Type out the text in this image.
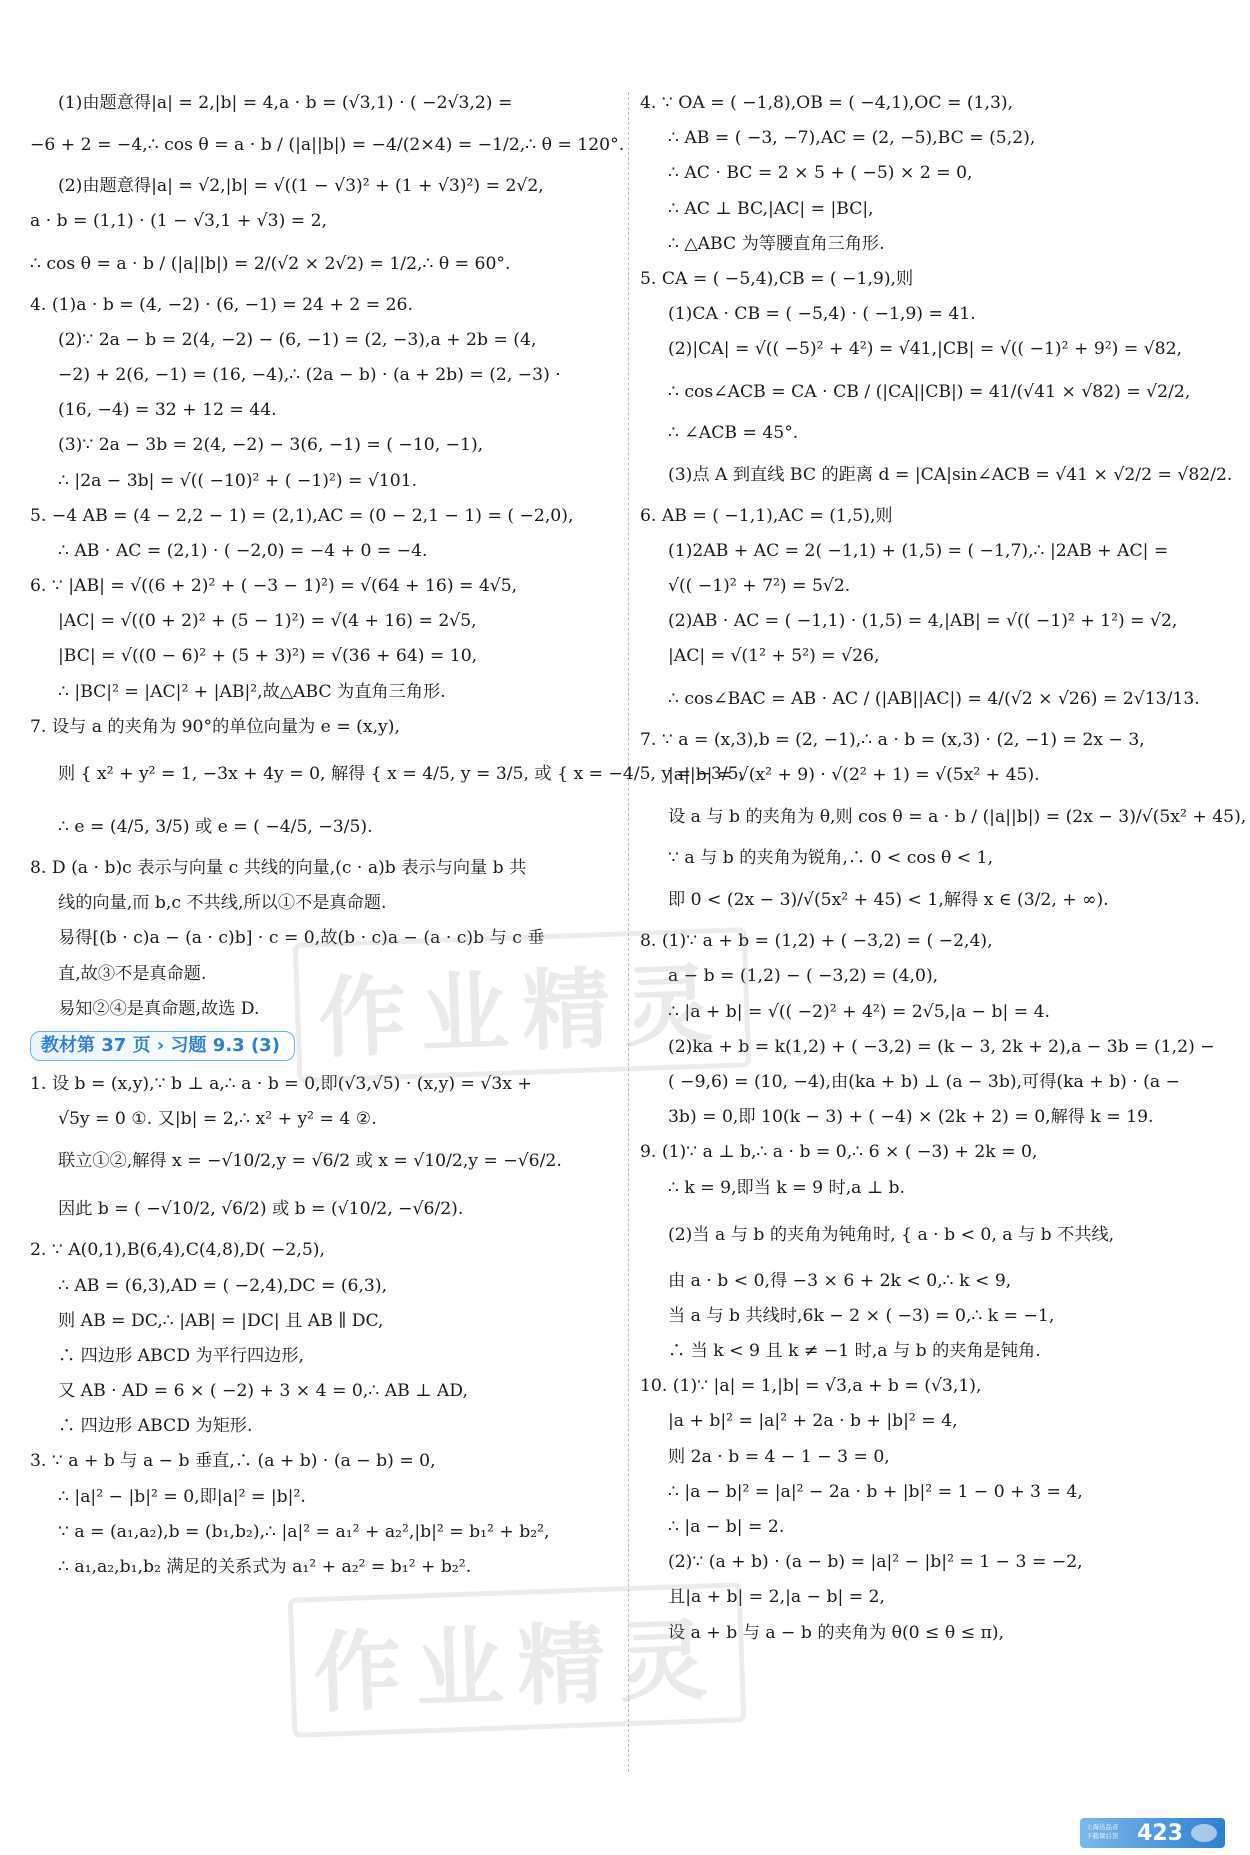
(1)由题意得|a| = 2,|b| = 4,a · b = (√3,1) · ( −2√3,2) =
−6 + 2 = −4,∴ cos θ = a · b / (|a||b|) = −4/(2×4) = −1/2,∴ θ = 120°.
(2)由题意得|a| = √2,|b| = √((1 − √3)² + (1 + √3)²) = 2√2,
a · b = (1,1) · (1 − √3,1 + √3) = 2,
∴ cos θ = a · b / (|a||b|) = 2/(√2 × 2√2) = 1/2,∴ θ = 60°.
4. (1)a · b = (4, −2) · (6, −1) = 24 + 2 = 26.
(2)∵ 2a − b = 2(4, −2) − (6, −1) = (2, −3),a + 2b = (4,
−2) + 2(6, −1) = (16, −4),∴ (2a − b) · (a + 2b) = (2, −3) ·
(16, −4) = 32 + 12 = 44.
(3)∵ 2a − 3b = 2(4, −2) − 3(6, −1) = ( −10, −1),
∴ |2a − 3b| = √(( −10)² + ( −1)²) = √101.
5. −4 AB = (4 − 2,2 − 1) = (2,1),AC = (0 − 2,1 − 1) = ( −2,0),
∴ AB · AC = (2,1) · ( −2,0) = −4 + 0 = −4.
6. ∵ |AB| = √((6 + 2)² + ( −3 − 1)²) = √(64 + 16) = 4√5,
|AC| = √((0 + 2)² + (5 − 1)²) = √(4 + 16) = 2√5,
|BC| = √((0 − 6)² + (5 + 3)²) = √(36 + 64) = 10,
∴ |BC|² = |AC|² + |AB|²,故△ABC 为直角三角形.
7. 设与 a 的夹角为 90°的单位向量为 e = (x,y),
则 { x² + y² = 1, −3x + 4y = 0, 解得 { x = 4/5, y = 3/5, 或 { x = −4/5, y = −3/5,
∴ e = (4/5, 3/5) 或 e = ( −4/5, −3/5).
8. D (a · b)c 表示与向量 c 共线的向量,(c · a)b 表示与向量 b 共
线的向量,而 b,c 不共线,所以①不是真命题.
易得[(b · c)a − (a · c)b] · c = 0,故(b · c)a − (a · c)b 与 c 垂
直,故③不是真命题.
易知②④是真命题,故选 D.
教材第 37 页 › 习题 9.3 (3)
1. 设 b = (x,y),∵ b ⊥ a,∴ a · b = 0,即(√3,√5) · (x,y) = √3x +
√5y = 0 ①. 又|b| = 2,∴ x² + y² = 4 ②.
联立①②,解得 x = −√10/2,y = √6/2 或 x = √10/2,y = −√6/2.
因此 b = ( −√10/2, √6/2) 或 b = (√10/2, −√6/2).
2. ∵ A(0,1),B(6,4),C(4,8),D( −2,5),
∴ AB = (6,3),AD = ( −2,4),DC = (6,3),
则 AB = DC,∴ |AB| = |DC| 且 AB ∥ DC,
∴ 四边形 ABCD 为平行四边形,
又 AB · AD = 6 × ( −2) + 3 × 4 = 0,∴ AB ⊥ AD,
∴ 四边形 ABCD 为矩形.
3. ∵ a + b 与 a − b 垂直,∴ (a + b) · (a − b) = 0,
∴ |a|² − |b|² = 0,即|a|² = |b|².
∵ a = (a₁,a₂),b = (b₁,b₂),∴ |a|² = a₁² + a₂²,|b|² = b₁² + b₂²,
∴ a₁,a₂,b₁,b₂ 满足的关系式为 a₁² + a₂² = b₁² + b₂².
4. ∵ OA = ( −1,8),OB = ( −4,1),OC = (1,3),
∴ AB = ( −3, −7),AC = (2, −5),BC = (5,2),
∴ AC · BC = 2 × 5 + ( −5) × 2 = 0,
∴ AC ⊥ BC,|AC| = |BC|,
∴ △ABC 为等腰直角三角形.
5. CA = ( −5,4),CB = ( −1,9),则
(1)CA · CB = ( −5,4) · ( −1,9) = 41.
(2)|CA| = √(( −5)² + 4²) = √41,|CB| = √(( −1)² + 9²) = √82,
∴ cos∠ACB = CA · CB / (|CA||CB|) = 41/(√41 × √82) = √2/2,
∴ ∠ACB = 45°.
(3)点 A 到直线 BC 的距离 d = |CA|sin∠ACB = √41 × √2/2 = √82/2.
6. AB = ( −1,1),AC = (1,5),则
(1)2AB + AC = 2( −1,1) + (1,5) = ( −1,7),∴ |2AB + AC| =
√(( −1)² + 7²) = 5√2.
(2)AB · AC = ( −1,1) · (1,5) = 4,|AB| = √(( −1)² + 1²) = √2,
|AC| = √(1² + 5²) = √26,
∴ cos∠BAC = AB · AC / (|AB||AC|) = 4/(√2 × √26) = 2√13/13.
7. ∵ a = (x,3),b = (2, −1),∴ a · b = (x,3) · (2, −1) = 2x − 3,
|a||b| = √(x² + 9) · √(2² + 1) = √(5x² + 45).
设 a 与 b 的夹角为 θ,则 cos θ = a · b / (|a||b|) = (2x − 3)/√(5x² + 45),
∵ a 与 b 的夹角为锐角,∴ 0 < cos θ < 1,
即 0 < (2x − 3)/√(5x² + 45) < 1,解得 x ∈ (3/2, + ∞).
8. (1)∵ a + b = (1,2) + ( −3,2) = ( −2,4),
a − b = (1,2) − ( −3,2) = (4,0),
∴ |a + b| = √(( −2)² + 4²) = 2√5,|a − b| = 4.
(2)ka + b = k(1,2) + ( −3,2) = (k − 3, 2k + 2),a − 3b = (1,2) −
( −9,6) = (10, −4),由(ka + b) ⊥ (a − 3b),可得(ka + b) · (a −
3b) = 0,即 10(k − 3) + ( −4) × (2k + 2) = 0,解得 k = 19.
9. (1)∵ a ⊥ b,∴ a · b = 0,∴ 6 × ( −3) + 2k = 0,
∴ k = 9,即当 k = 9 时,a ⊥ b.
(2)当 a 与 b 的夹角为钝角时, { a · b < 0, a 与 b 不共线,
由 a · b < 0,得 −3 × 6 + 2k < 0,∴ k < 9,
当 a 与 b 共线时,6k − 2 × ( −3) = 0,∴ k = −1,
∴ 当 k < 9 且 k ≠ −1 时,a 与 b 的夹角是钝角.
10. (1)∵ |a| = 1,|b| = √3,a + b = (√3,1),
|a + b|² = |a|² + 2a · b + |b|² = 4,
则 2a · b = 4 − 1 − 3 = 0,
∴ |a − b|² = |a|² − 2a · b + |b|² = 1 − 0 + 3 = 4,
∴ |a − b| = 2.
(2)∵ (a + b) · (a − b) = |a|² − |b|² = 1 − 3 = −2,
且|a + b| = 2,|a − b| = 2,
设 a + b 与 a − b 的夹角为 θ(0 ≤ θ ≤ π),
作业精灵
作业精灵
上海达品音
下载课后资 423
